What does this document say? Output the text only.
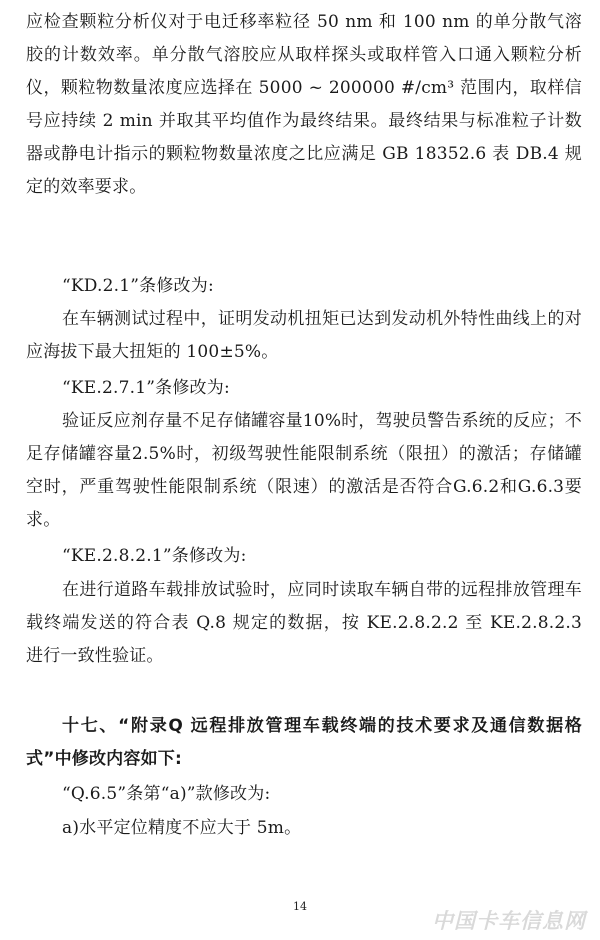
应检查颗粒分析仪对于电迁移率粒径 50 nm 和 100 nm 的单分散气溶胶的计数效率。单分散气溶胶应从取样探头或取样管入口通入颗粒分析仪，颗粒物数量浓度应选择在 5000 ~ 200000 #/cm³ 范围内，取样信号应持续 2 min 并取其平均值作为最终结果。最终结果与标准粒子计数器或静电计指示的颗粒物数量浓度之比应满足 GB 18352.6 表 DB.4 规定的效率要求。

“KD.2.1”条修改为:

在车辆测试过程中，证明发动机扭矩已达到发动机外特性曲线上的对应海拔下最大扭矩的 100±5%。

“KE.2.7.1”条修改为:

验证反应剂存量不足存储罐容量10%时，驾驶员警告系统的反应；不足存储罐容量2.5%时，初级驾驶性能限制系统（限扭）的激活；存储罐空时，严重驾驶性能限制系统（限速）的激活是否符合G.6.2和G.6.3要求。

“KE.2.8.2.1”条修改为:

在进行道路车载排放试验时，应同时读取车辆自带的远程排放管理车载终端发送的符合表 Q.8 规定的数据，按 KE.2.8.2.2 至 KE.2.8.2.3 进行一致性验证。

十七、“附录Q 远程排放管理车载终端的技术要求及通信数据格式”中修改内容如下:

“Q.6.5”条第“a)”款修改为:

a)水平定位精度不应大于 5m。

14
中国卡车信息网
